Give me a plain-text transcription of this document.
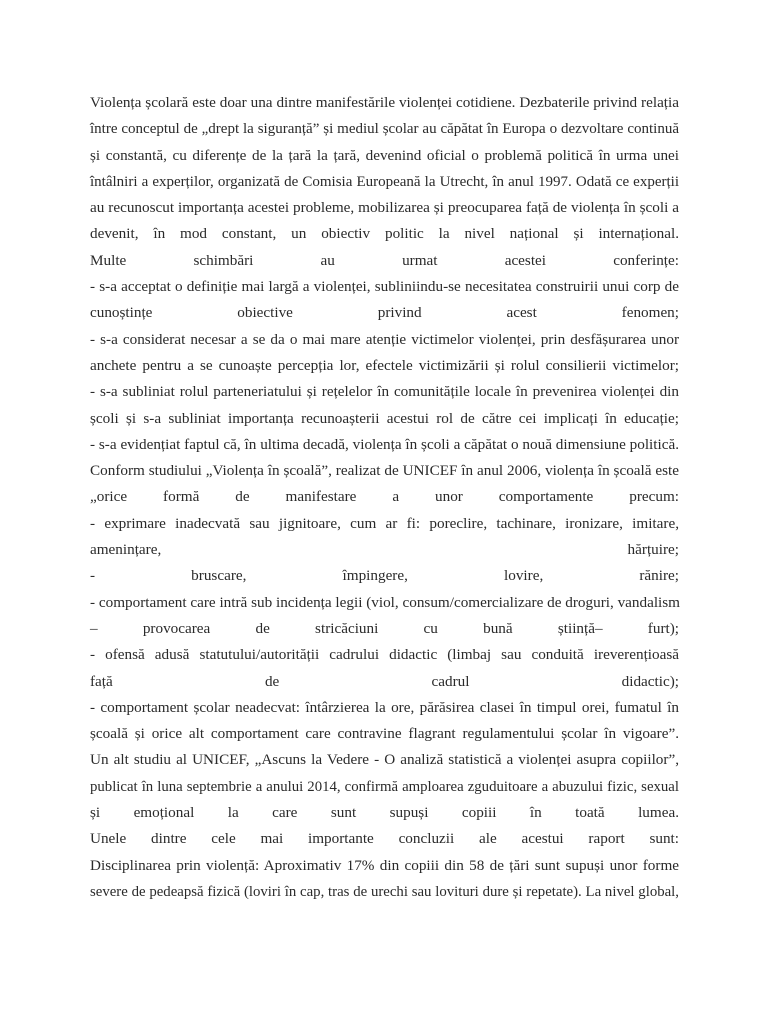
Violența școlară este doar una dintre manifestările violenței cotidiene. Dezbaterile privind relația
între conceptul de „drept la siguranță” și mediul școlar au căpătat în Europa o dezvoltare continuă
și constantă, cu diferențe de la țară la țară, devenind oficial o problemă politică în urma unei
întâlniri a experților, organizată de Comisia Europeană la Utrecht, în anul 1997. Odată ce experții
au recunoscut importanța acestei probleme, mobilizarea și preocuparea față de violența în școli a
devenit, în mod constant, un obiectiv politic la nivel național și internațional.
Multe schimbări au urmat acestei conferințe:
- s-a acceptat o definiție mai largă a violenței, subliniindu-se necesitatea construirii unui corp de
cunoștințe obiective privind acest fenomen;
- s-a considerat necesar a se da o mai mare atenție victimelor violenței, prin desfășurarea unor
anchete pentru a se cunoaște percepția lor, efectele victimizării și rolul consilierii victimelor;
- s-a subliniat rolul parteneriatului și rețelelor în comunitățile locale în prevenirea violenței din
școli și s-a subliniat importanța recunoașterii acestui rol de către cei implicați în educație;
- s-a evidențiat faptul că, în ultima decadă, violența în școli a căpătat o nouă dimensiune politică.
Conform studiului „Violența în școală”, realizat de UNICEF în anul 2006, violența în școală este
„orice formă de manifestare a unor comportamente precum:
- exprimare inadecvată sau jignitoare, cum ar fi: poreclire, tachinare, ironizare, imitare,
amenințare, hărțuire;
- bruscare, împingere, lovire, rănire;
- comportament care intră sub incidența legii (viol, consum/comercializare de droguri, vandalism
– provocarea de stricăciuni cu bună știință– furt);
- ofensă adusă statutului/autorității cadrului didactic (limbaj sau conduită ireverențioasă
față de cadrul didactic);
- comportament școlar neadecvat: întârzierea la ore, părăsirea clasei în timpul orei, fumatul în
școală și orice alt comportament care contravine flagrant regulamentului școlar în vigoare”.
Un alt studiu al UNICEF, „Ascuns la Vedere - O analiză statistică a violenței asupra copiilor”,
publicat în luna septembrie a anului 2014, confirmă amploarea zguduitoare a abuzului fizic, sexual
și emoțional la care sunt supuși copiii în toată lumea.
Unele dintre cele mai importante concluzii ale acestui raport sunt:
Disciplinarea prin violență: Aproximativ 17% din copiii din 58 de țări sunt supuși unor forme
severe de pedeapsă fizică (loviri în cap, tras de urechi sau lovituri dure și repetate). La nivel global,
